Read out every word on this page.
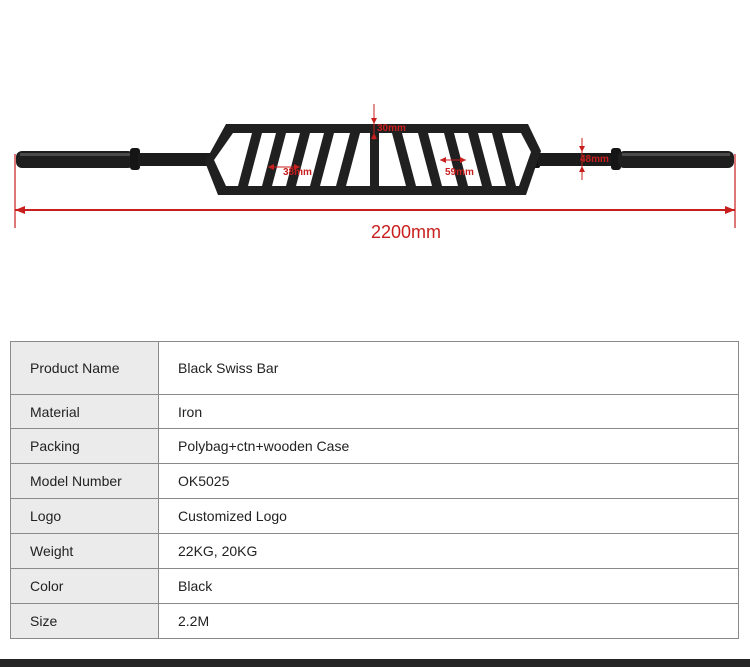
30mm
38mm	59mm
48mm
2200mm
Product Name	Black Swiss Bar
Material	Iron
Packing	Polybag+ctn+wooden Case
Model Number	OK5025
Logo	Customized Logo
Weight	22KG, 20KG
Color	Black
Size	2.2M
